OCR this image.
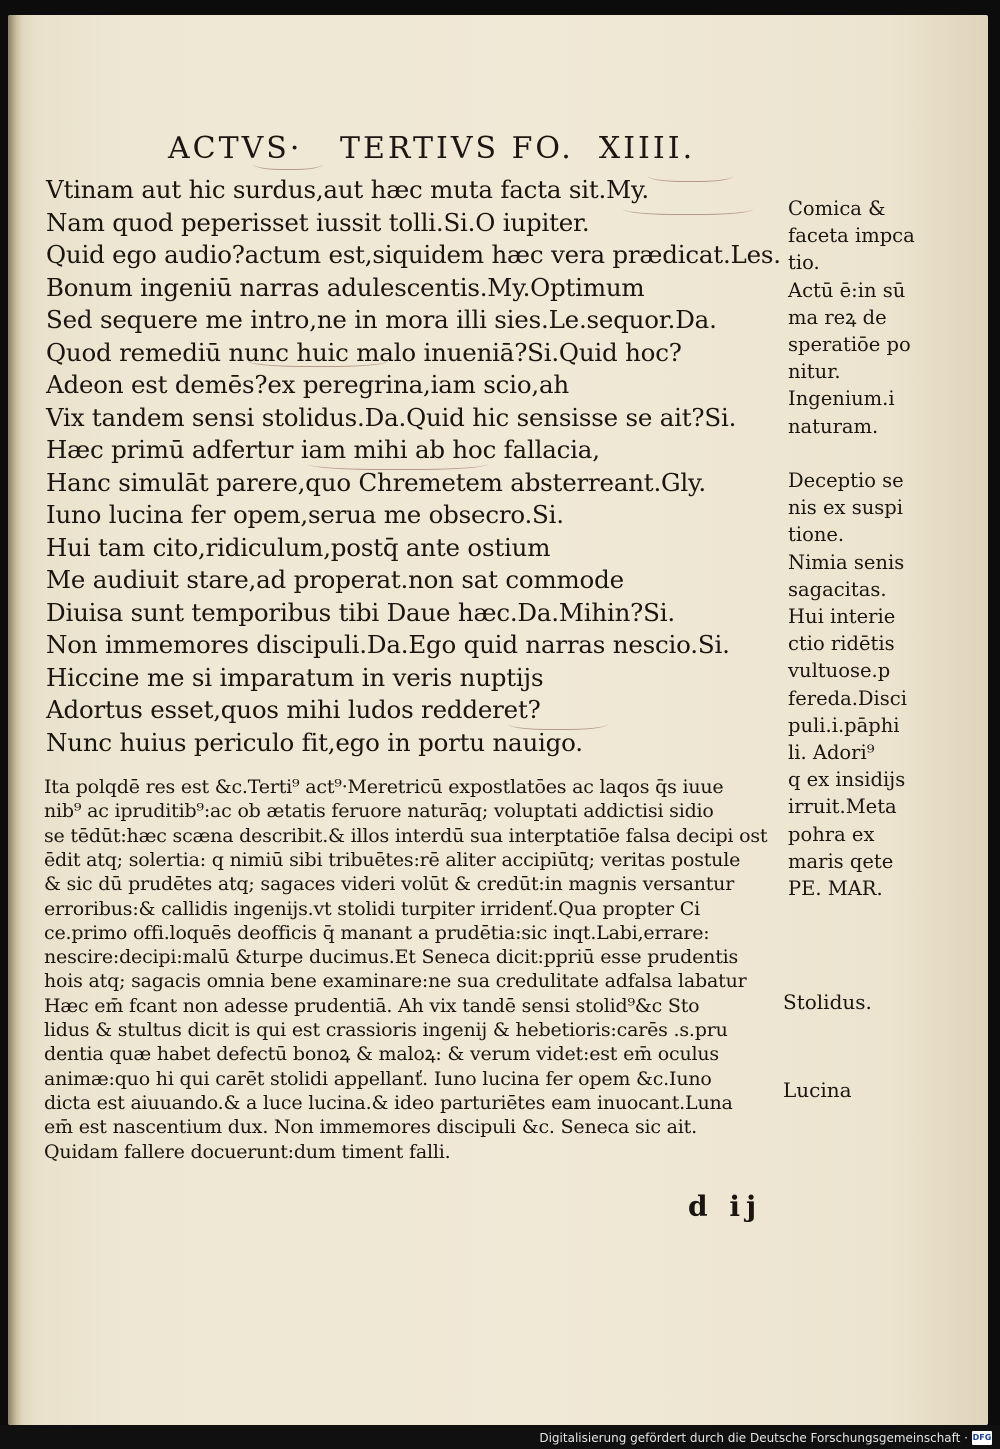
ACTVS·   TERTIVS FO.  XIIII.
Vtinam aut hic surdus,aut hæc muta facta sit.My.
Nam quod peperisset iussit tolli.Si.O iupiter.
Quid ego audio?actum est,siquidem hæc vera prædicat.Les.
Bonum ingeniū narras adulescentis.My.Optimum
Sed sequere me intro,ne in mora illi sies.Le.sequor.Da.
Quod remediū nunc huic malo inueniā?Si.Quid hoc?
Adeon est demēs?ex peregrina,iam scio,ah
Vix tandem sensi stolidus.Da.Quid hic sensisse se ait?Si.
Hæc primū adfertur iam mihi ab hoc fallacia,
Hanc simulāt parere,quo Chremetem absterreant.Gly.
Iuno lucina fer opem,serua me obsecro.Si.
Hui tam cito,ridiculum,postq̄ ante ostium
Me audiuit stare,ad properat.non sat commode
Diuisa sunt temporibus tibi Daue hæc.Da.Mihin?Si.
Non immemores discipuli.Da.Ego quid narras nescio.Si.
Hiccine me si imparatum in veris nuptijs
Adortus esset,quos mihi ludos redderet?
Nunc huius periculo fit,ego in portu nauigo.
Ita polqdē res est &c.Terti⁹ act⁹·Meretricū expostlatōes ac laqos q̄s iuue
nib⁹ ac ipruditib⁹:ac ob ætatis feruore naturāq; voluptati addictisi sidio
se tēdūt:hæc scæna describit.& illos interdū sua interptatiōe falsa decipi ost
ēdit atq; solertia: q nimiū sibi tribuētes:rē aliter accipiūtq; veritas postule
& sic dū prudētes atq; sagaces videri volūt & credūt:in magnis versantur
erroribus:& callidis ingenijs.vt stolidi turpiter irridenť.Qua propter Ci
ce.primo offi.loquēs deoffici̇s q̄ manant a prudētia:sic inqt.Labi,errare:
nescire:decipi:malū &turpe ducimus.Et Seneca dicit:ppriū esse prudentis
hois atq; sagacis omnia bene examinare:ne sua credulitate adfalsa labatur
Hæc em̄ fcant non adesse prudentiā. Ah vix tandē sensi stolid⁹&c Sto
lidus & stultus dicit is qui est crassioris ingenij & hebetioris:carēs .s.pru
dentia quæ habet defectū bonoꝝ & maloꝝ: & verum videt:est em̄ oculus
animæ:quo hi qui carēt stolidi appellanť. Iuno lucina fer opem &c.Iuno
dicta est aiuuando.& a luce lucina.& ideo parturiētes eam inuocant.Luna
em̄ est nascentium dux. Non immemores discipuli &c. Seneca sic ait.
Quidam fallere docuerunt:dum timent falli.
Comica &
faceta impca
tio.
Actū ē:in sū
ma reꝝ de
speratiōe po
nitur.
Ingenium.i
naturam.
Deceptio se
nis ex suspi
tione.
Nimia senis
sagacitas.
Hui interie
ctio ridētis
vultuose.p
fereda.Disci
puli.i.pāphi
li. Adori⁹
q ex insidijs
irruit.Meta
pohra ex
maris qete
PE. MAR.
Stolidus.
Lucina
d ij
Digitalisierung gefördert durch die Deutsche Forschungsgemeinschaft · DFG
